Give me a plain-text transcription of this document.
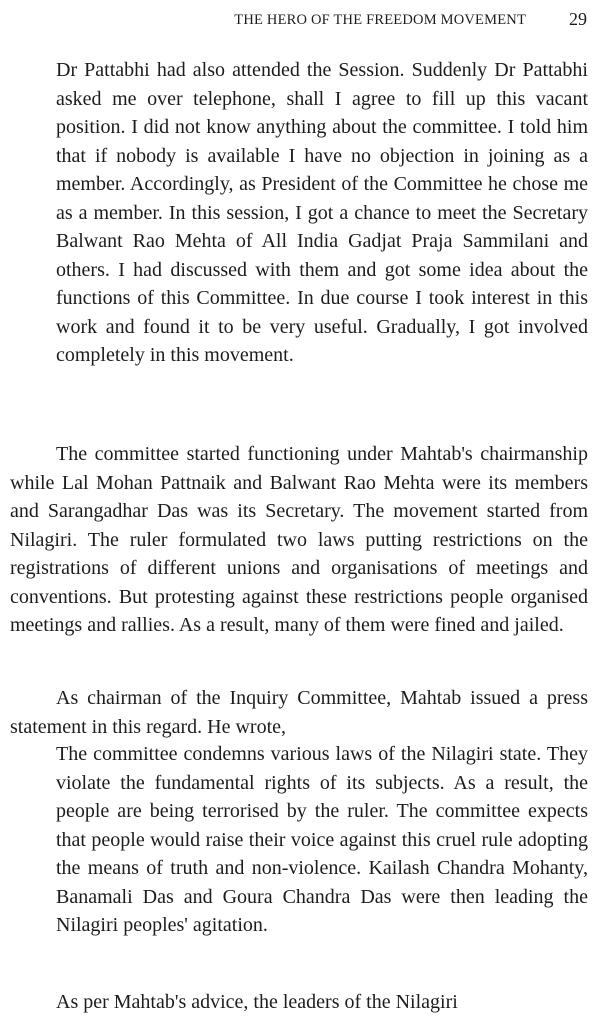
THE HERO OF THE FREEDOM MOVEMENT 29

Dr Pattabhi had also attended the Session. Suddenly Dr Pattabhi asked me over telephone, shall I agree to fill up this vacant position. I did not know anything about the committee. I told him that if nobody is available I have no objection in joining as a member. Accordingly, as President of the Committee he chose me as a member. In this session, I got a chance to meet the Secretary Balwant Rao Mehta of All India Gadjat Praja Sammilani and others. I had discussed with them and got some idea about the functions of this Committee. In due course I took interest in this work and found it to be very useful. Gradually, I got involved completely in this movement.

The committee started functioning under Mahtab's chairmanship while Lal Mohan Pattnaik and Balwant Rao Mehta were its members and Sarangadhar Das was its Secretary. The movement started from Nilagiri. The ruler formulated two laws putting restrictions on the registrations of different unions and organisations of meetings and conventions. But protesting against these restrictions people organised meetings and rallies. As a result, many of them were fined and jailed.

As chairman of the Inquiry Committee, Mahtab issued a press statement in this regard. He wrote,

The committee condemns various laws of the Nilagiri state. They violate the fundamental rights of its subjects. As a result, the people are being terrorised by the ruler. The committee expects that people would raise their voice against this cruel rule adopting the means of truth and non-violence. Kailash Chandra Mohanty, Banamali Das and Goura Chandra Das were then leading the Nilagiri peoples' agitation.

As per Mahtab's advice, the leaders of the Nilagiri
